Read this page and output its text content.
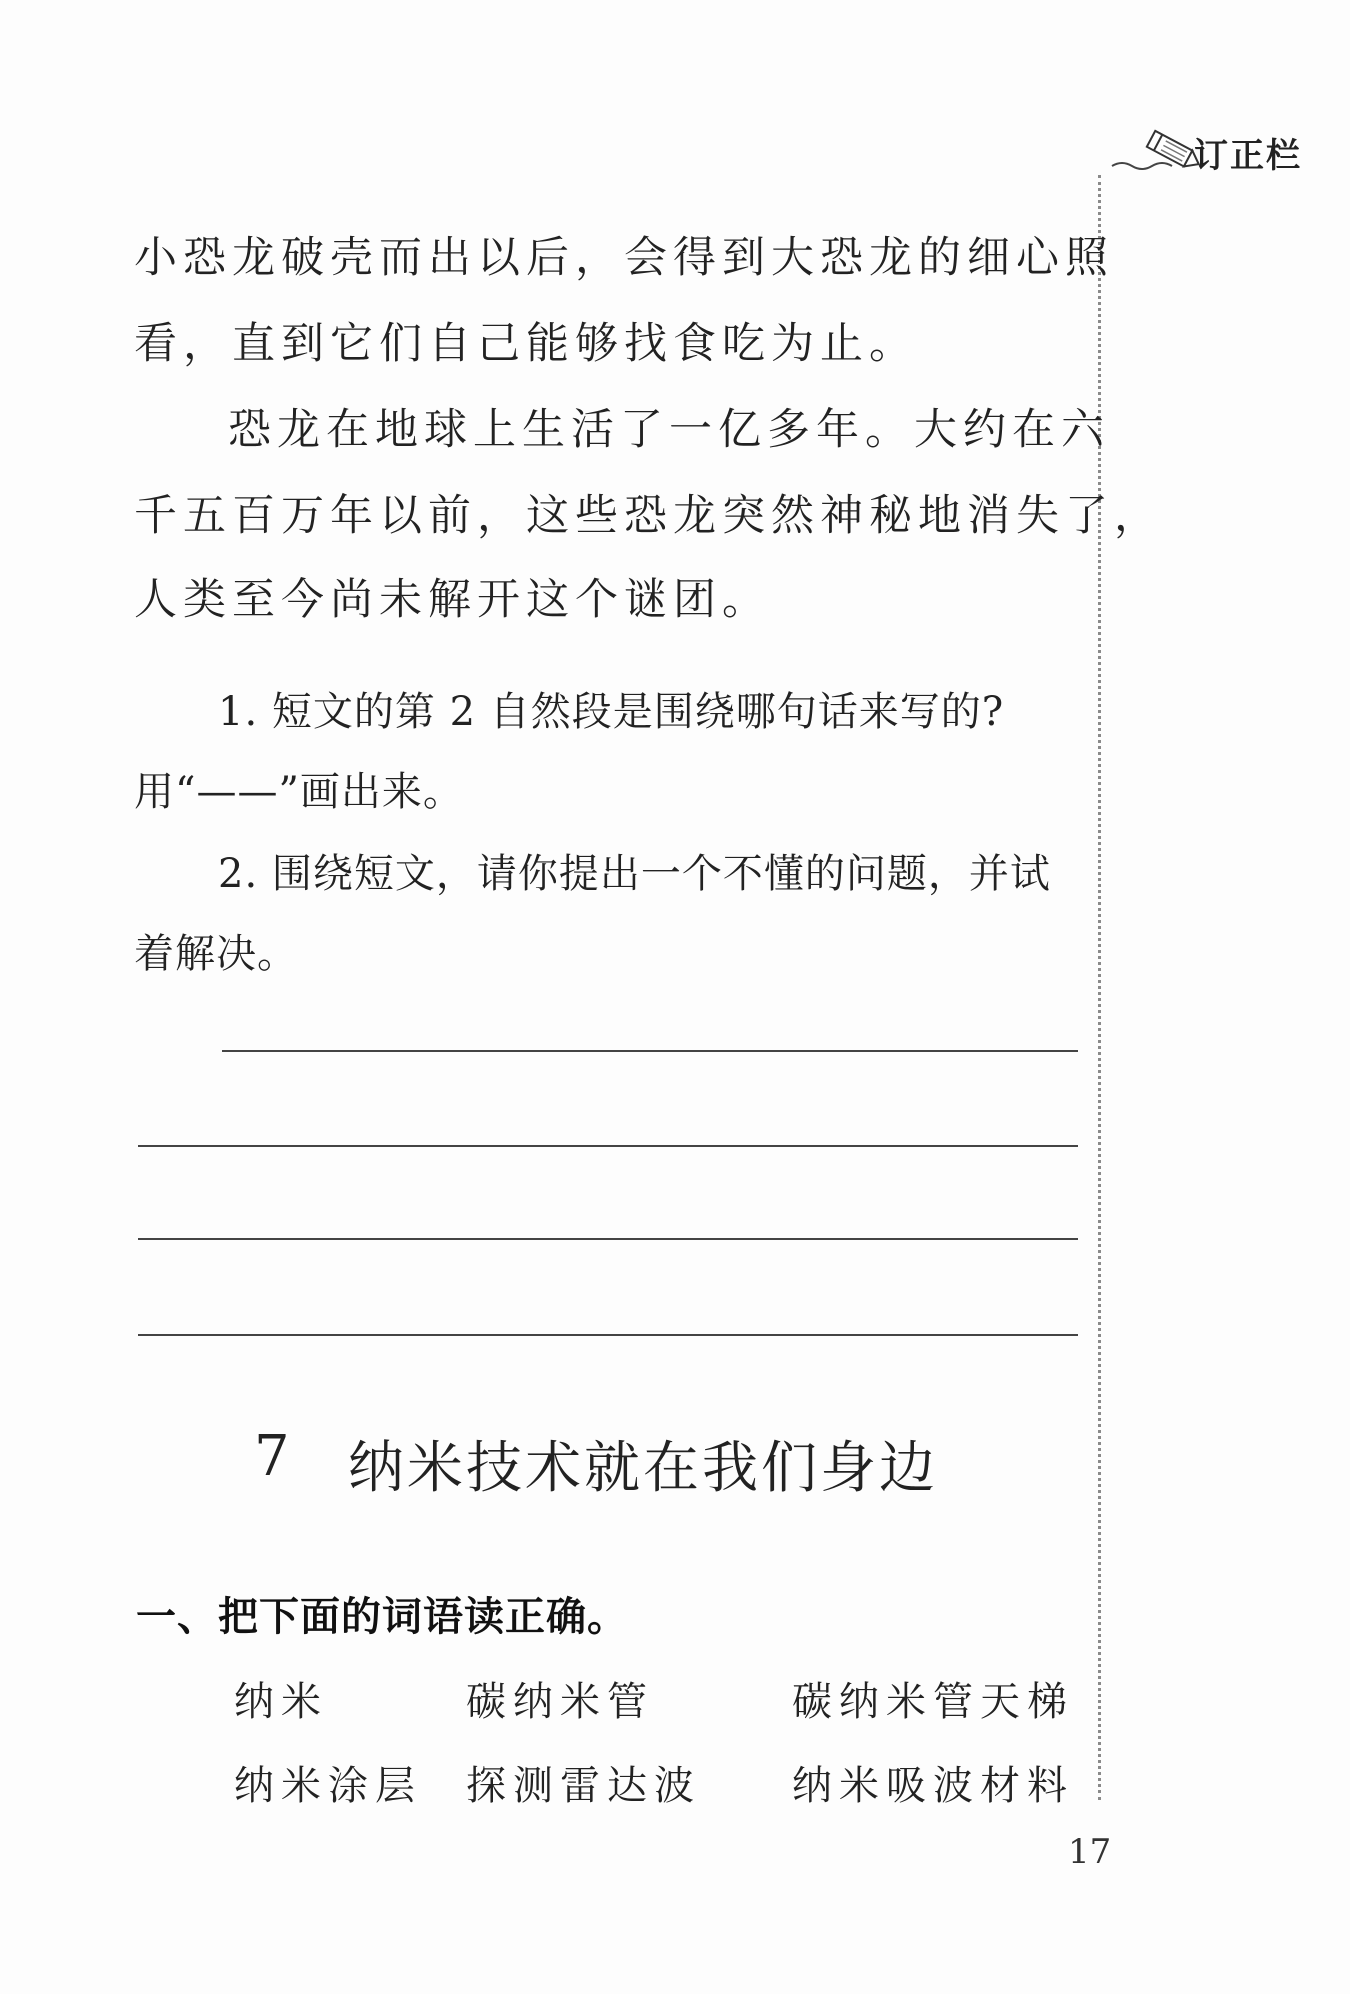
订正栏
小恐龙破壳而出以后，会得到大恐龙的细心照
看，直到它们自己能够找食吃为止。
恐龙在地球上生活了一亿多年。大约在六
千五百万年以前，这些恐龙突然神秘地消失了，
人类至今尚未解开这个谜团。
1. 短文的第 2 自然段是围绕哪句话来写的?
用“——”画出来。
2. 围绕短文，请你提出一个不懂的问题，并试
着解决。
7 纳米技术就在我们身边
一、把下面的词语读正确。
纳米	碳纳米管	碳纳米管天梯
纳米涂层 探测雷达波 纳米吸波材料
17
